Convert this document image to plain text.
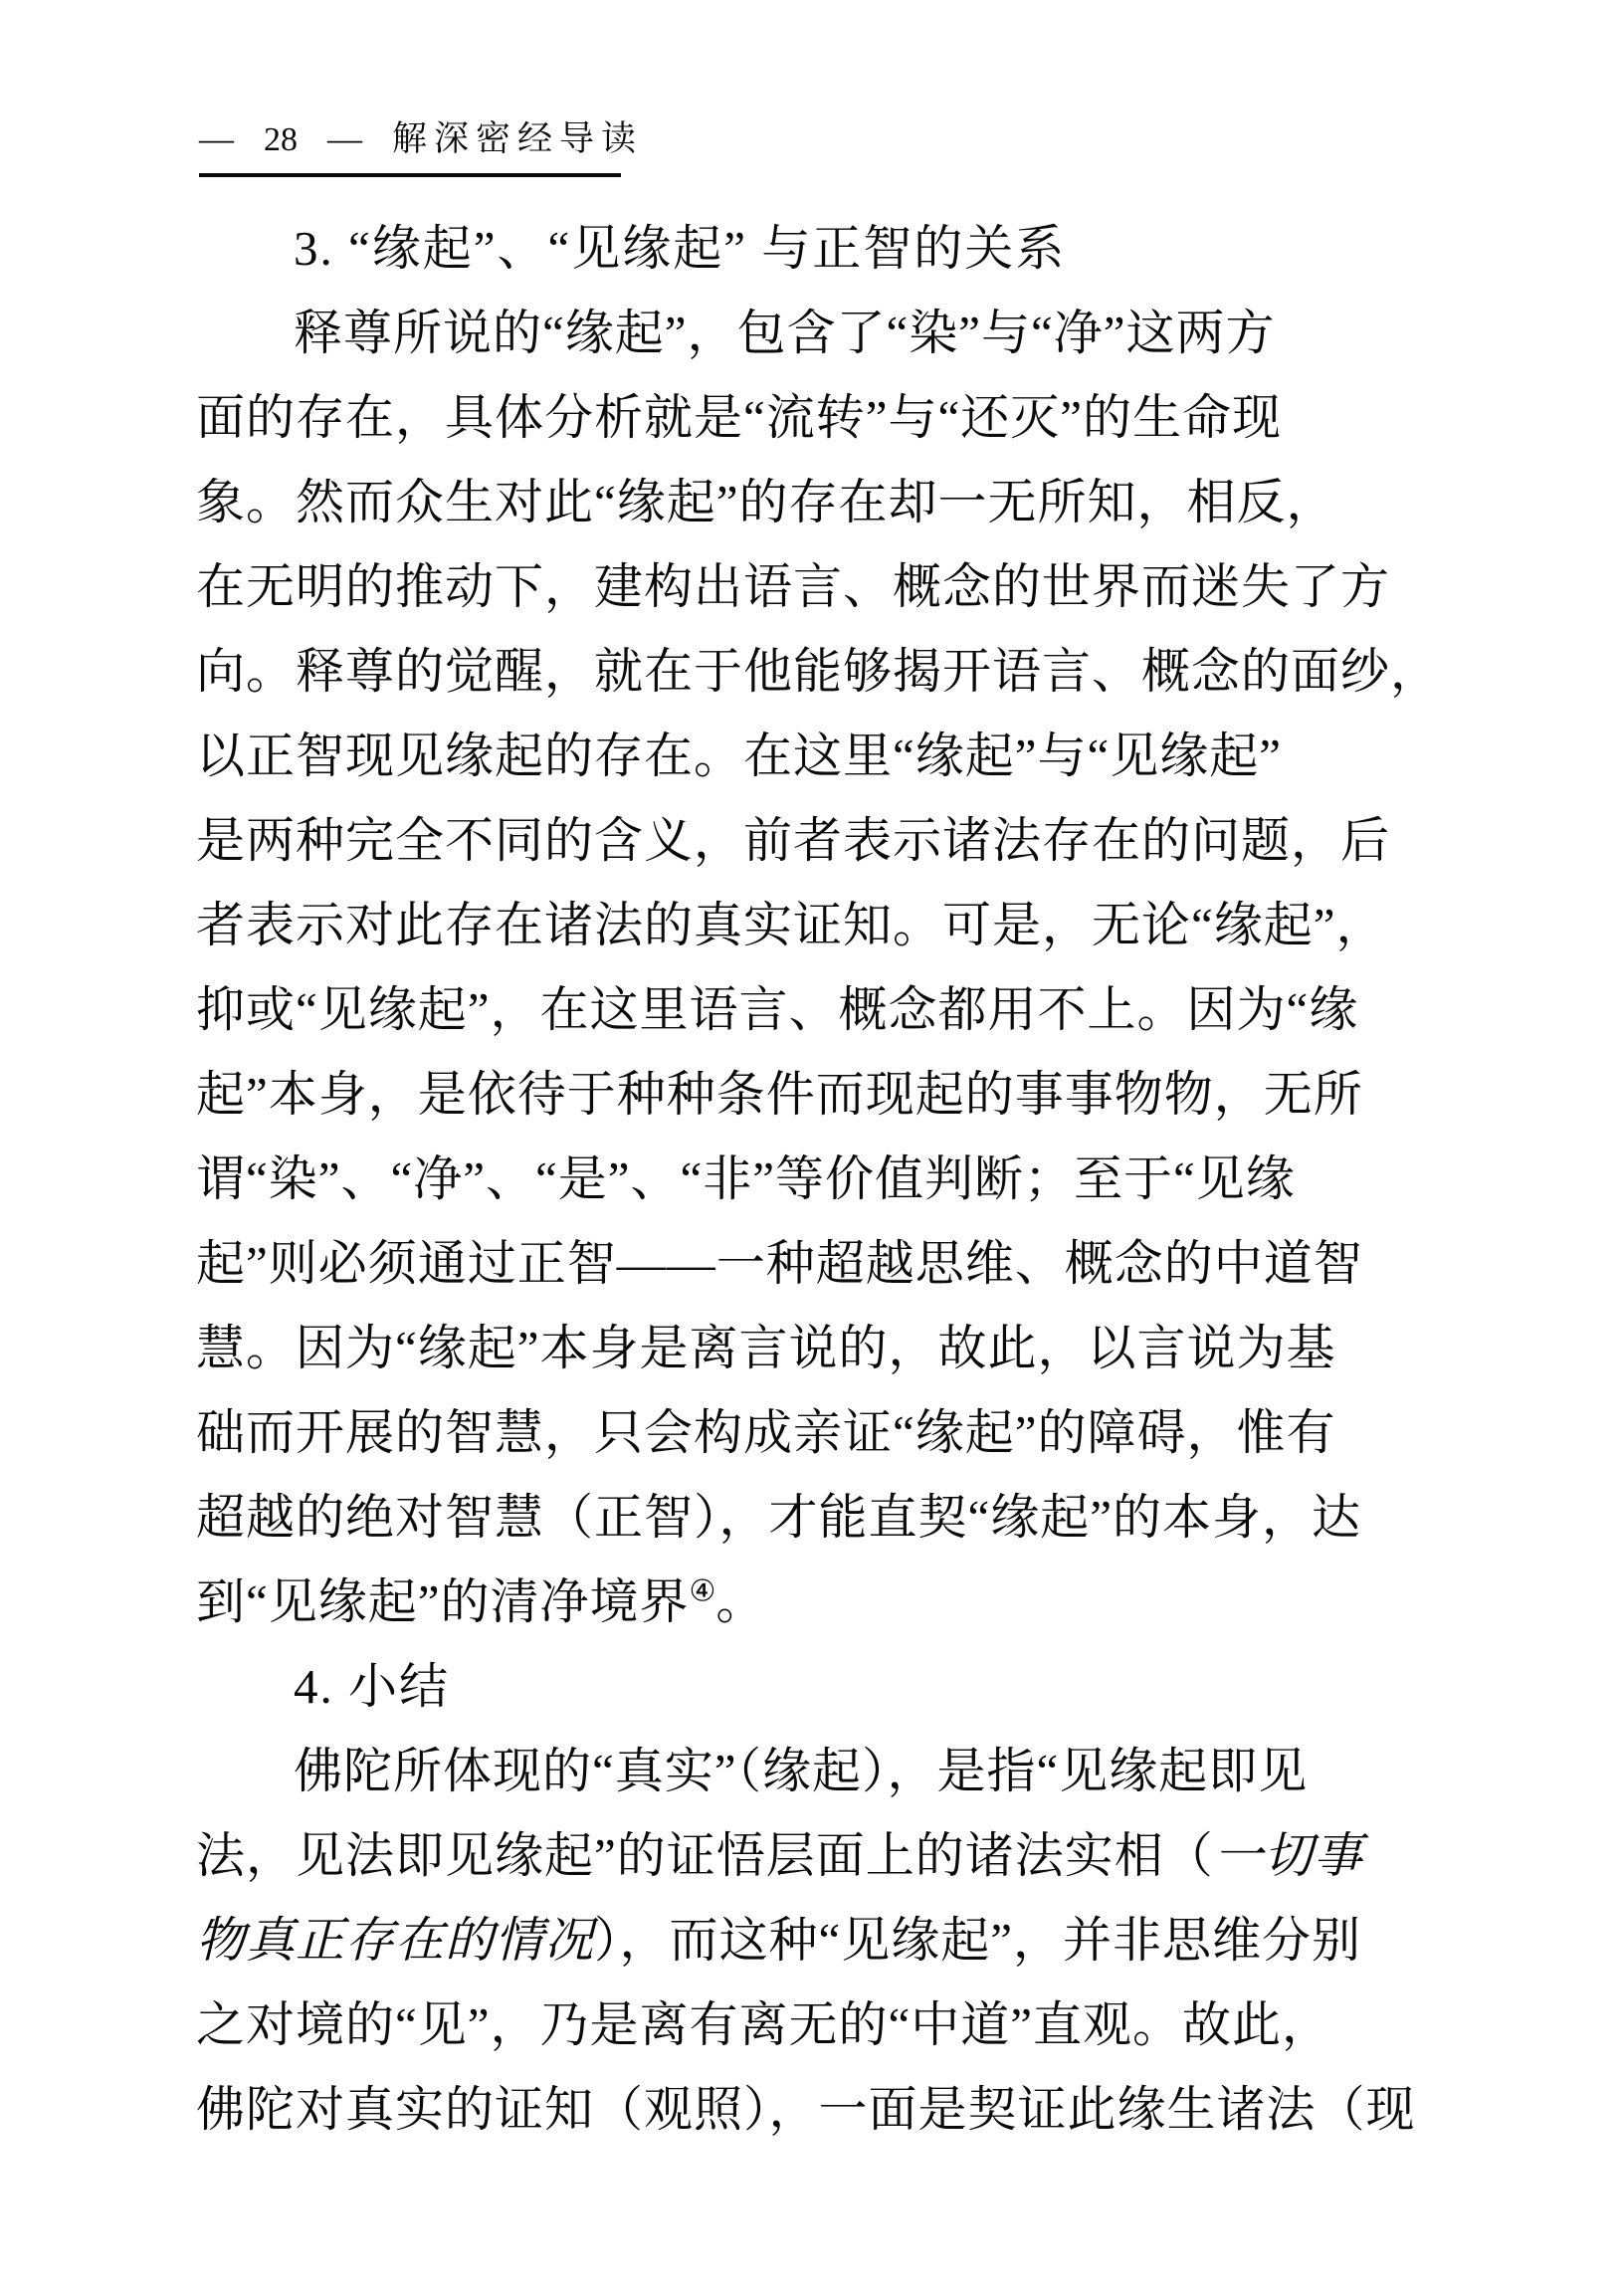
— 28 — 解深密经导读
3. “缘起”、“见缘起” 与正智的关系
释尊所说的“缘起”，包含了“染”与“净”这两方
面的存在，具体分析就是“流转”与“还灭”的生命现
象。然而众生对此“缘起”的存在却一无所知，相反，
在无明的推动下，建构出语言、概念的世界而迷失了方
向。释尊的觉醒，就在于他能够揭开语言、概念的面纱，
以正智现见缘起的存在。在这里“缘起”与“见缘起”
是两种完全不同的含义，前者表示诸法存在的问题，后
者表示对此存在诸法的真实证知。可是，无论“缘起”，
抑或“见缘起”，在这里语言、概念都用不上。因为“缘
起”本身，是依待于种种条件而现起的事事物物，无所
谓“染”、“净”、“是”、“非”等价值判断；至于“见缘
起”则必须通过正智——一种超越思维、概念的中道智
慧。因为“缘起”本身是离言说的，故此，以言说为基
础而开展的智慧，只会构成亲证“缘起”的障碍，惟有
超越的绝对智慧（正智），才能直契“缘起”的本身，达
到“见缘起”的清净境界④。
4. 小结
佛陀所体现的“真实”（缘起），是指“见缘起即见
法，见法即见缘起”的证悟层面上的诸法实相（一切事
物真正存在的情况），而这种“见缘起”，并非思维分别
之对境的“见”，乃是离有离无的“中道”直观。故此，
佛陀对真实的证知（观照），一面是契证此缘生诸法（现
